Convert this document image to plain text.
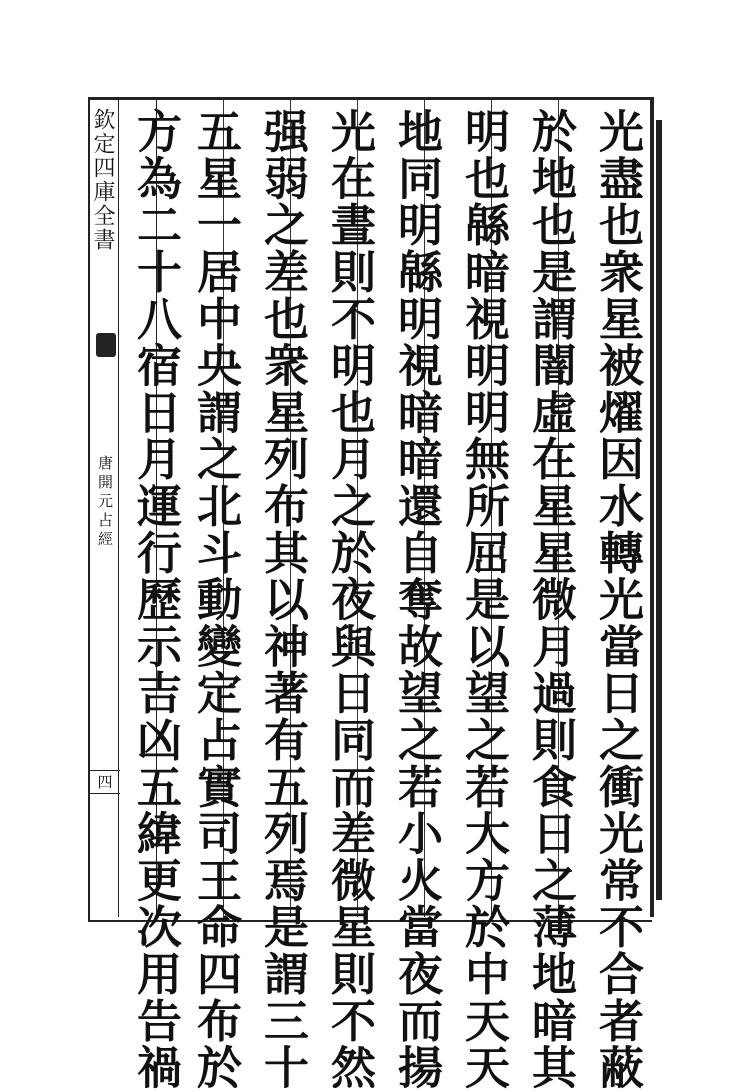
欽定四庫全書
唐開元占經
四	光盡也衆星被燿因水轉光當日之衝光常不合者蔽
於地也是謂闇虛在星星微月過則食日之薄地暗其
明也緜暗視明明無所屈是以望之若大方於中天天
地同明緜明視暗暗還自奪故望之若小火當夜而揚
光在晝則不明也月之於夜與日同而差微星則不然
强弱之差也衆星列布其以神著有五列焉是謂三十
五星一居中央謂之北斗動變定占實司王命四布於
方為二十八宿日月運行歷示吉凶五緯更次用告禍
